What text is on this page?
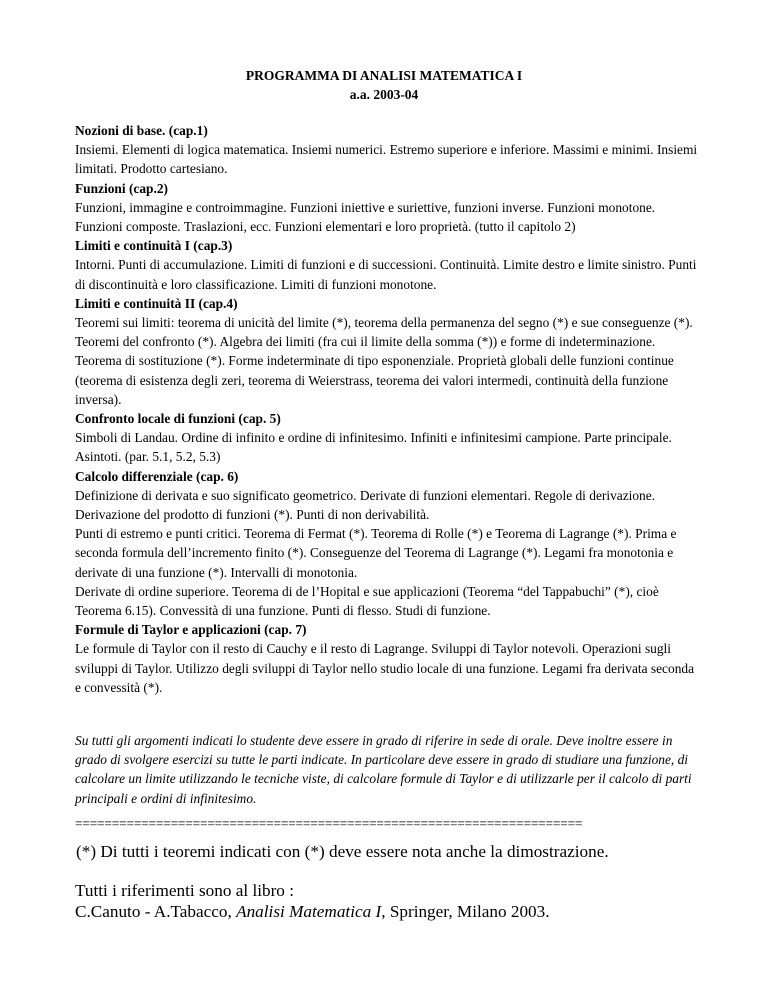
PROGRAMMA DI ANALISI MATEMATICA I
a.a. 2003-04

Nozioni di base. (cap.1)

Insiemi. Elementi di logica matematica. Insiemi numerici. Estremo superiore e inferiore. Massimi e minimi. Insiemi limitati. Prodotto cartesiano.

Funzioni (cap.2)

Funzioni, immagine e controimmagine. Funzioni iniettive e suriettive, funzioni inverse. Funzioni monotone. Funzioni composte. Traslazioni, ecc. Funzioni elementari e loro proprietà. (tutto il capitolo 2)

Limiti e continuità I (cap.3)

Intorni. Punti di accumulazione. Limiti di funzioni e di successioni. Continuità. Limite destro e limite sinistro. Punti di discontinuità e loro classificazione. Limiti di funzioni monotone.

Limiti e continuità II (cap.4)

Teoremi sui limiti: teorema di unicità del limite (*), teorema della permanenza del segno (*) e sue conseguenze (*). Teoremi del confronto (*). Algebra dei limiti (fra cui il limite della somma (*)) e forme di indeterminazione. Teorema di sostituzione (*). Forme indeterminate di tipo esponenziale. Proprietà globali delle funzioni continue (teorema di esistenza degli zeri, teorema di Weierstrass, teorema dei valori intermedi, continuità della funzione inversa).

Confronto locale di funzioni (cap. 5)

Simboli di Landau. Ordine di infinito e ordine di infinitesimo. Infiniti e infinitesimi campione. Parte principale. Asintoti. (par. 5.1, 5.2, 5.3)

Calcolo differenziale (cap. 6)

Definizione di derivata e suo significato geometrico. Derivate di funzioni elementari. Regole di derivazione. Derivazione del prodotto di funzioni (*). Punti di non derivabilità.

Punti di estremo e punti critici. Teorema di Fermat (*). Teorema di Rolle (*) e Teorema di Lagrange (*). Prima e seconda formula dell’incremento finito (*). Conseguenze del Teorema di Lagrange (*). Legami fra monotonia e derivate di una funzione (*). Intervalli di monotonia.

Derivate di ordine superiore. Teorema di de l’Hopital e sue applicazioni (Teorema “del Tappabuchi” (*), cioè Teorema 6.15). Convessità di una funzione. Punti di flesso. Studi di funzione.

Formule di Taylor e applicazioni (cap. 7)

Le formule di Taylor con il resto di Cauchy e il resto di Lagrange. Sviluppi di Taylor notevoli. Operazioni sugli sviluppi di Taylor. Utilizzo degli sviluppi di Taylor nello studio locale di una funzione. Legami fra derivata seconda e convessità (*).

Su tutti gli argomenti indicati lo studente deve essere in grado di riferire in sede di orale. Deve inoltre essere in grado di svolgere esercizi su tutte le parti indicate. In particolare deve essere in grado di studiare una funzione, di calcolare un limite utilizzando le tecniche viste, di calcolare formule di Taylor e di utilizzarle per il calcolo di parti principali e ordini di infinitesimo.
=====================================================================
(*) Di tutti i teoremi indicati con (*) deve essere nota anche la dimostrazione.
Tutti i riferimenti sono al libro :
C.Canuto - A.Tabacco, Analisi Matematica I, Springer, Milano 2003.
